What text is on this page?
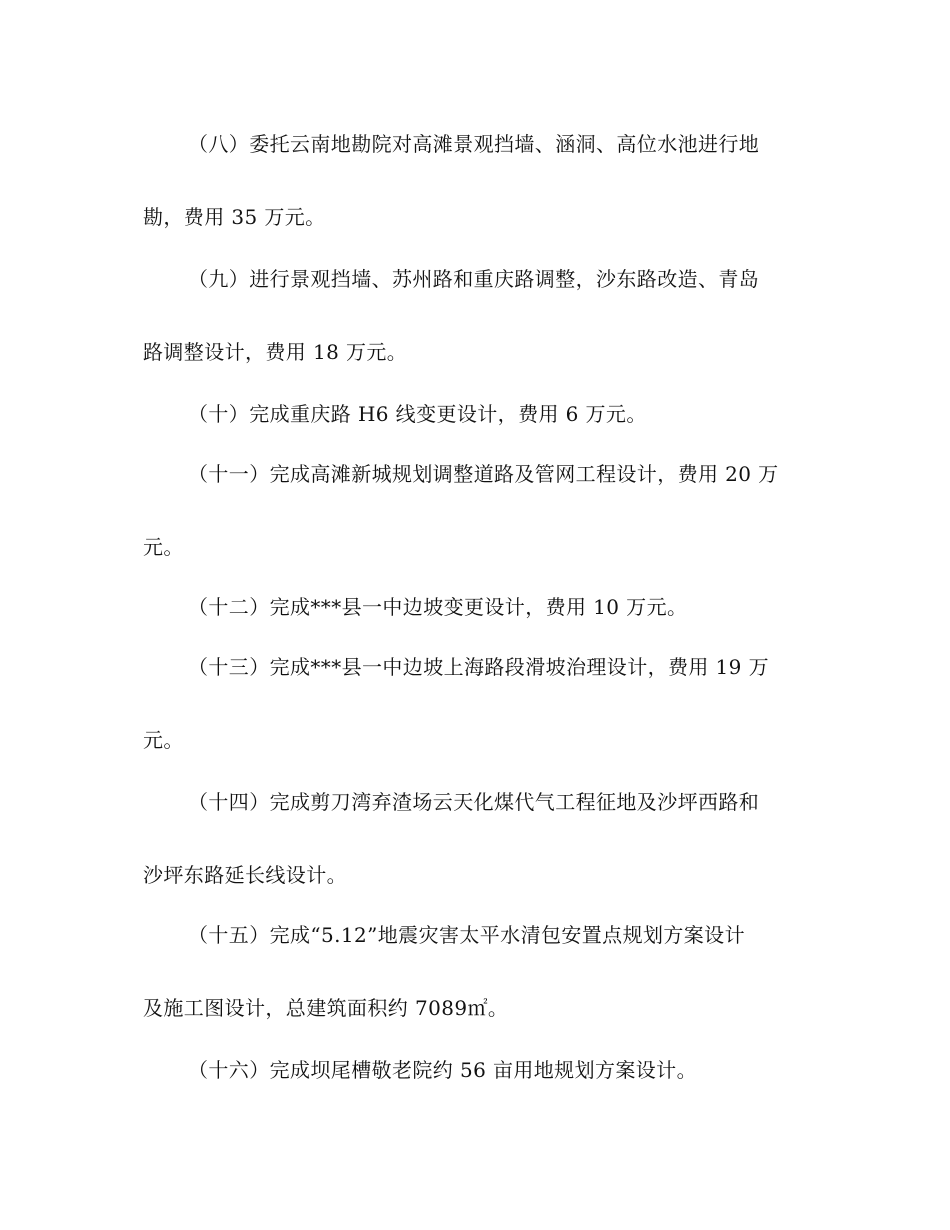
（八）委托云南地勘院对高滩景观挡墙、涵洞、高位水池进行地
勘，费用 35 万元。
（九）进行景观挡墙、苏州路和重庆路调整，沙东路改造、青岛
路调整设计，费用 18 万元。
（十）完成重庆路 H6 线变更设计，费用 6 万元。
（十一）完成高滩新城规划调整道路及管网工程设计，费用 20 万
元。
（十二）完成***县一中边坡变更设计，费用 10 万元。
（十三）完成***县一中边坡上海路段滑坡治理设计，费用 19 万
元。
（十四）完成剪刀湾弃渣场云天化煤代气工程征地及沙坪西路和
沙坪东路延长线设计。
（十五）完成“5.12”地震灾害太平水清包安置点规划方案设计
及施工图设计，总建筑面积约 7089㎡。
（十六）完成坝尾槽敬老院约 56 亩用地规划方案设计。
